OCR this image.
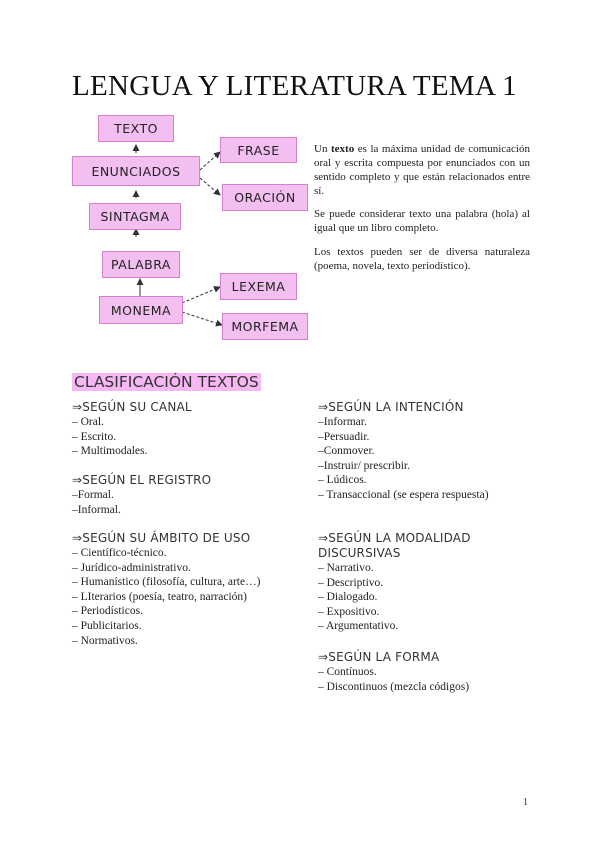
LENGUA Y LITERATURA TEMA 1
TEXTO
ENUNCIADOS
SINTAGMA
PALABRA
MONEMA
FRASE
ORACIÓN
LEXEMA
MORFEMA
Un texto es la máxima unidad de comunicación oral y escrita compuesta por enunciados con un sentido completo y que están relacionados entre sí.
Se puede considerar texto una palabra (hola) al igual que un libro completo.
Los textos pueden ser de diversa naturaleza (poema, novela, texto periodístico).
CLASIFICACIÓN TEXTOS
⇒SEGÚN SU CANAL
– Oral.
– Escrito.
– Multimodales.
⇒SEGÚN EL REGISTRO
–Formal.
–Informal.
⇒SEGÚN SU ÁMBITO DE USO
– Científico-técnico.
– Jurídico-administrativo.
– Humanístico (filosofía, cultura, arte…)
– LIterarios (poesía, teatro, narración)
– Periodísticos.
– Publicitarios.
– Normativos.
⇒SEGÚN LA INTENCIÓN
–Informar.
–Persuadir.
–Conmover.
–Instruir/ prescribir.
– Lúdicos.
– Transaccional (se espera respuesta)
⇒SEGÚN LA MODALIDAD DISCURSIVAS
– Narrativo.
– Descriptivo.
– Dialogado.
– Expositivo.
– Argumentativo.
⇒SEGÚN LA FORMA
– Contínuos.
– Discontinuos (mezcla códigos)
1
